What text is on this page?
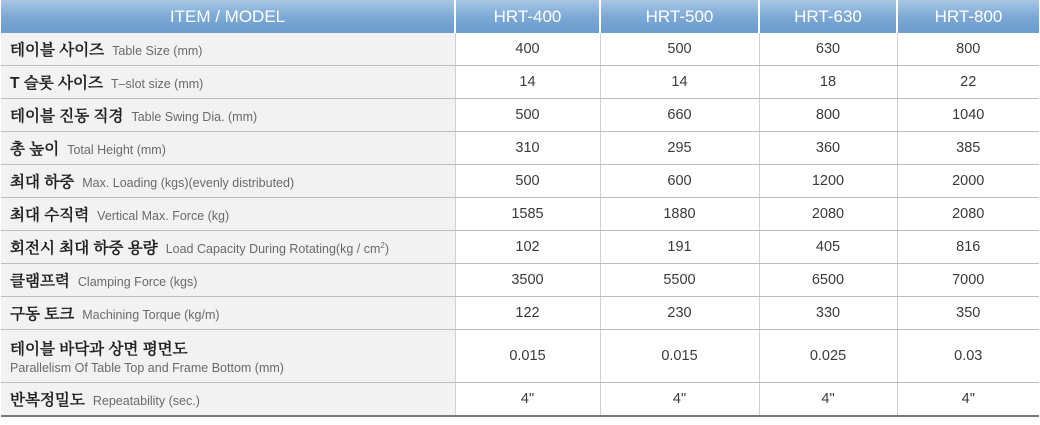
ITEM / MODEL	HRT-400	HRT-500	HRT-630	HRT-800
테이블 사이즈 Table Size (mm)	400	500	630	800
T 슬롯 사이즈 T–slot size (mm)	14	14	18	22
테이블 진동 직경 Table Swing Dia. (mm)	500	660	800	1040
총 높이 Total Height (mm)	310	295	360	385
최대 하중 Max. Loading (kgs)(evenly distributed)	500	600	1200	2000
최대 수직력 Vertical Max. Force (kg)	1585	1880	2080	2080
회전시 최대 하중 용량 Load Capacity During Rotating(kg / $cm^2$)	102	191	405	816
클램프력 Clamping Force (kgs)	3500	5500	6500	7000
구동 토크 Machining Torque (kg/m)	122	230	330	350
테이블 바닥과 상면 평면도
Parallelism Of Table Top and Frame Bottom (mm)	0.015	0.015	0.025	0.03
반복정밀도 Repeatability (sec.)	4"	4"	4"	4"
